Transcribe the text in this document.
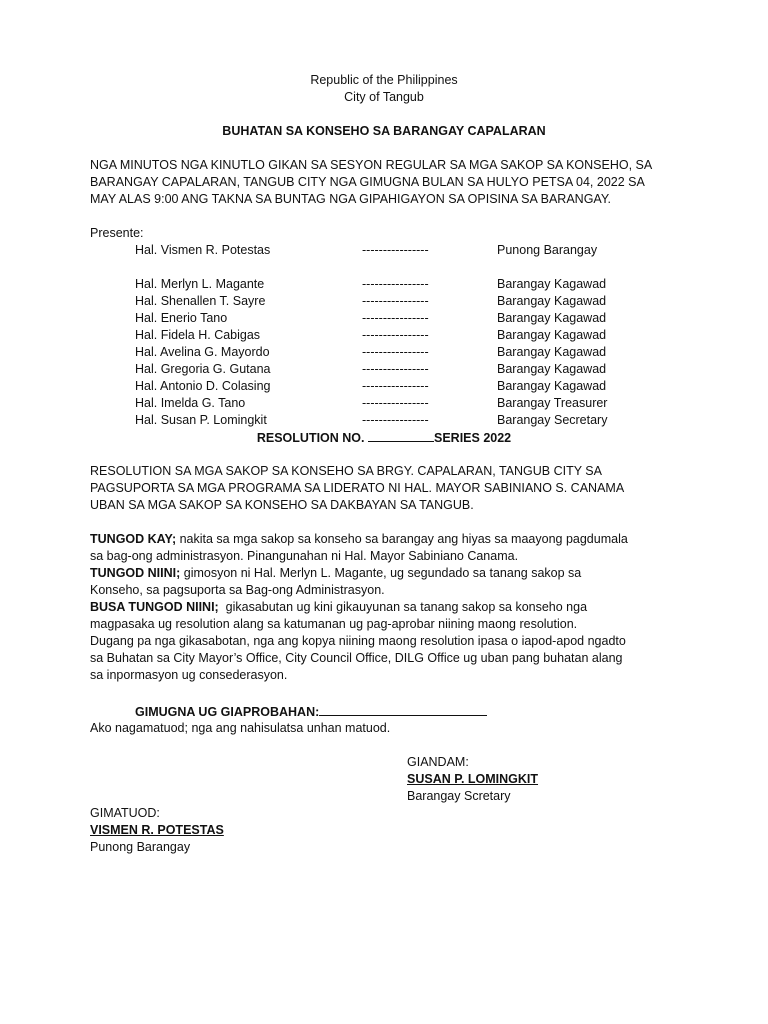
Republic of the Philippines
City of Tangub
BUHATAN SA KONSEHO SA BARANGAY CAPALARAN
NGA MINUTOS NGA KINUTLO GIKAN SA SESYON REGULAR SA MGA SAKOP SA KONSEHO, SA
BARANGAY CAPALARAN, TANGUB CITY NGA GIMUGNA BULAN SA HULYO PETSA 04, 2022 SA
MAY ALAS 9:00 ANG TAKNA SA BUNTAG NGA GIPAHIGAYON SA OPISINA SA BARANGAY.
Presente:
Hal. Vismen R. Potestas	----------------	Punong Barangay
Hal. Merlyn L. Magante	----------------	Barangay Kagawad
Hal. Shenallen T. Sayre	----------------	Barangay Kagawad
Hal. Enerio Tano	----------------	Barangay Kagawad
Hal. Fidela H. Cabigas	----------------	Barangay Kagawad
Hal. Avelina G. Mayordo	----------------	Barangay Kagawad
Hal. Gregoria G. Gutana	----------------	Barangay Kagawad
Hal. Antonio D. Colasing	----------------	Barangay Kagawad
Hal. Imelda G. Tano	----------------	Barangay Treasurer
Hal. Susan P. Lomingkit	----------------	Barangay Secretary
RESOLUTION NO.	SERIES 2022
RESOLUTION SA MGA SAKOP SA KONSEHO SA BRGY. CAPALARAN, TANGUB CITY SA
PAGSUPORTA SA MGA PROGRAMA SA LIDERATO NI HAL. MAYOR SABINIANO S. CANAMA
UBAN SA MGA SAKOP SA KONSEHO SA DAKBAYAN SA TANGUB.
TUNGOD KAY; nakita sa mga sakop sa konseho sa barangay ang hiyas sa maayong pagdumala
sa bag-ong administrasyon. Pinangunahan ni Hal. Mayor Sabiniano Canama.
TUNGOD NIINI; gimosyon ni Hal. Merlyn L. Magante, ug segundado sa tanang sakop sa
Konseho, sa pagsuporta sa Bag-ong Administrasyon.
BUSA TUNGOD NIINI;  gikasabutan ug kini gikauyunan sa tanang sakop sa konseho nga
magpasaka ug resolution alang sa katumanan ug pag-aprobar niining maong resolution.
Dugang pa nga gikasabotan, nga ang kopya niining maong resolution ipasa o iapod-apod ngadto
sa Buhatan sa City Mayor’s Office, City Council Office, DILG Office ug uban pang buhatan alang
sa inpormasyon ug consederasyon.
GIMUGNA UG GIAPROBAHAN:
Ako nagamatuod; nga ang nahisulatsa unhan matuod.
GIANDAM:
SUSAN P. LOMINGKIT
Barangay Scretary
GIMATUOD:
VISMEN R. POTESTAS
Punong Barangay
